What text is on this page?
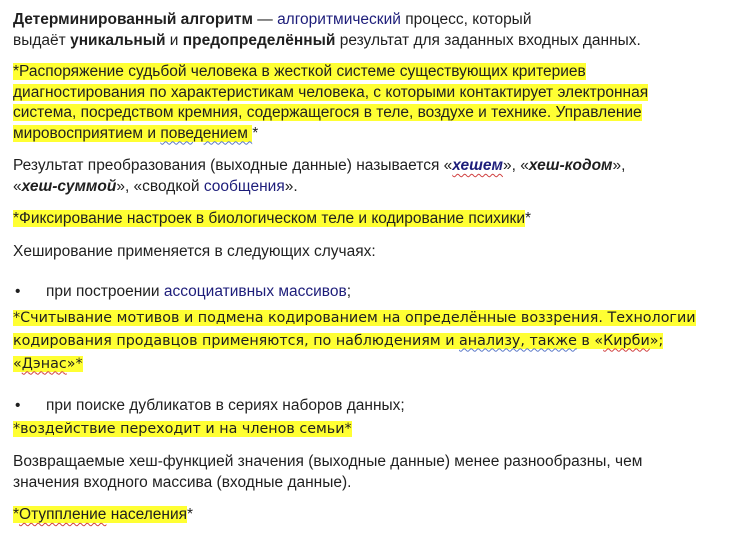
Детерминированный алгоритм — алгоритмический процесс, который
выдаёт уникальный и предопределённый результат для заданных входных данных.

*Распоряжение судьбой человека в жесткой системе существующих критериев
диагностирования по характеристикам человека, с которыми контактирует электронная
система, посредством кремния, содержащегося в теле, воздухе и технике. Управление
мировосприятием и поведением *

Результат преобразования (выходные данные) называется «хешем», «хеш-кодом»,
«хеш-суммой», «сводкой сообщения».

*Фиксирование настроек в биологическом теле и кодирование психики*

Хеширование применяется в следующих случаях:

•	при построении ассоциативных массивов;

*Считывание мотивов и подмена кодированием на определённые воззрения. Технологии
кодирования продавцов применяются, по наблюдениям и анализу, также в «Кирби»;
«Дэнас»*

•	при поиске дубликатов в сериях наборов данных;

*воздействие переходит и на членов семьи*

Возвращаемые хеш-функцией значения (выходные данные) менее разнообразны, чем
значения входного массива (входные данные).

*Отуппление населения*
